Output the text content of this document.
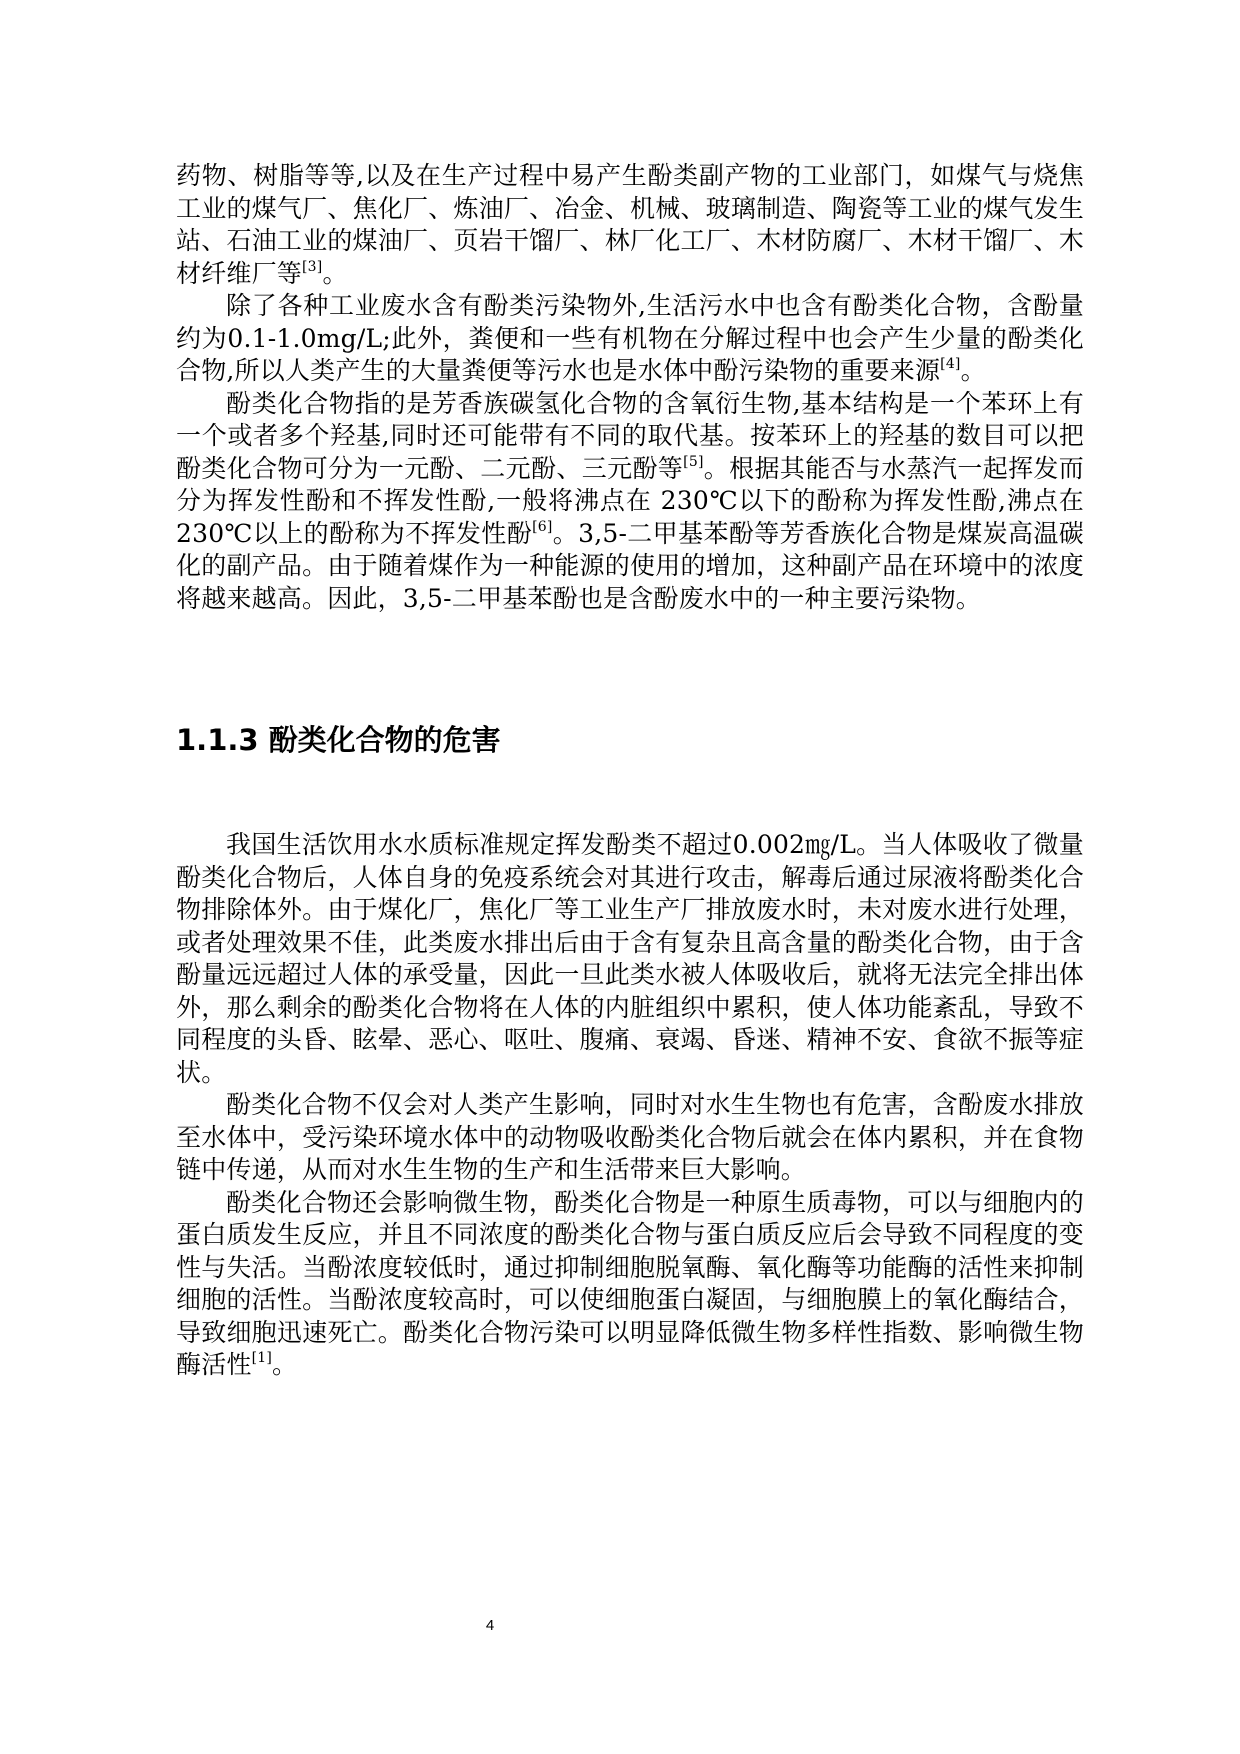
药物、树脂等等,以及在生产过程中易产生酚类副产物的工业部门，如煤气与烧焦工业的煤气厂、焦化厂、炼油厂、冶金、机械、玻璃制造、陶瓷等工业的煤气发生站、石油工业的煤油厂、页岩干馏厂、林厂化工厂、木材防腐厂、木材干馏厂、木材纤维厂等[3]。

除了各种工业废水含有酚类污染物外,生活污水中也含有酚类化合物，含酚量约为0.1-1.0mg/L;此外，粪便和一些有机物在分解过程中也会产生少量的酚类化合物,所以人类产生的大量粪便等污水也是水体中酚污染物的重要来源[4]。

酚类化合物指的是芳香族碳氢化合物的含氧衍生物,基本结构是一个苯环上有一个或者多个羟基,同时还可能带有不同的取代基。按苯环上的羟基的数目可以把酚类化合物可分为一元酚、二元酚、三元酚等[5]。根据其能否与水蒸汽一起挥发而分为挥发性酚和不挥发性酚,一般将沸点在 230℃以下的酚称为挥发性酚,沸点在 230℃以上的酚称为不挥发性酚[6]。3,5-二甲基苯酚等芳香族化合物是煤炭高温碳化的副产品。由于随着煤作为一种能源的使用的增加，这种副产品在环境中的浓度将越来越高。因此，3,5-二甲基苯酚也是含酚废水中的一种主要污染物。

1.1.3 酚类化合物的危害

我国生活饮用水水质标准规定挥发酚类不超过0.002㎎/L。当人体吸收了微量酚类化合物后，人体自身的免疫系统会对其进行攻击，解毒后通过尿液将酚类化合物排除体外。由于煤化厂，焦化厂等工业生产厂排放废水时，未对废水进行处理，或者处理效果不佳，此类废水排出后由于含有复杂且高含量的酚类化合物，由于含酚量远远超过人体的承受量，因此一旦此类水被人体吸收后，就将无法完全排出体外，那么剩余的酚类化合物将在人体的内脏组织中累积，使人体功能紊乱，导致不同程度的头昏、眩晕、恶心、呕吐、腹痛、衰竭、昏迷、精神不安、食欲不振等症状。

酚类化合物不仅会对人类产生影响，同时对水生生物也有危害，含酚废水排放至水体中，受污染环境水体中的动物吸收酚类化合物后就会在体内累积，并在食物链中传递，从而对水生生物的生产和生活带来巨大影响。

酚类化合物还会影响微生物，酚类化合物是一种原生质毒物，可以与细胞内的蛋白质发生反应，并且不同浓度的酚类化合物与蛋白质反应后会导致不同程度的变性与失活。当酚浓度较低时，通过抑制细胞脱氧酶、氧化酶等功能酶的活性来抑制细胞的活性。当酚浓度较高时，可以使细胞蛋白凝固，与细胞膜上的氧化酶结合，导致细胞迅速死亡。酚类化合物污染可以明显降低微生物多样性指数、影响微生物酶活性[1]。

4
